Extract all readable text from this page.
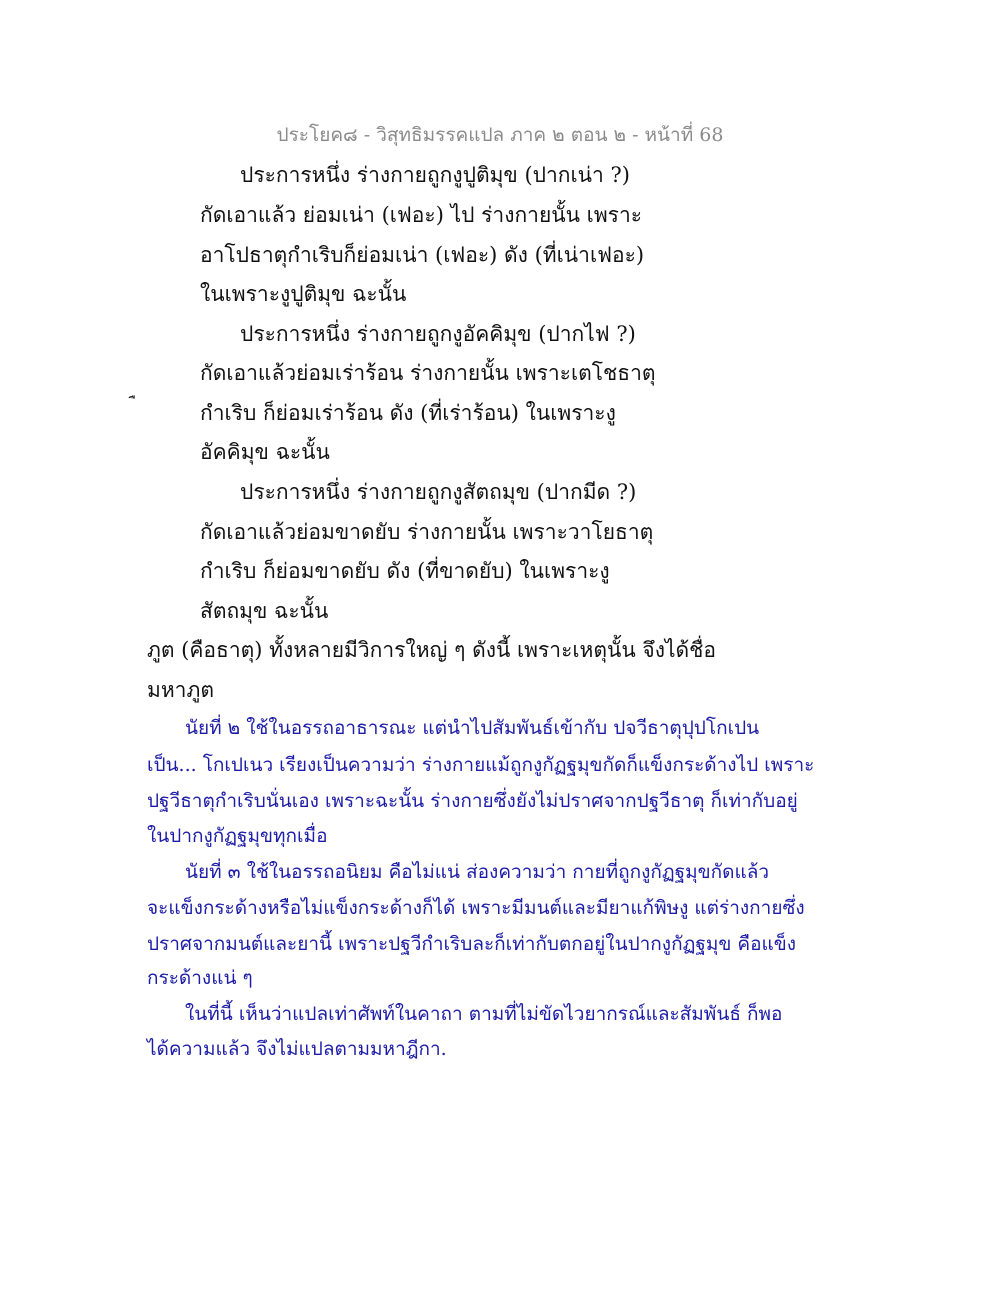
ประโยค๘ - วิสุทธิมรรคแปล ภาค ๒ ตอน ๒ - หน้าที่ 68
ประการหนึ่ง ร่างกายถูกงูปูติมุข (ปากเน่า ?)
กัดเอาแล้ว ย่อมเน่า (เฟอะ) ไป ร่างกายนั้น เพราะ
อาโปธาตุกำเริบก็ย่อมเน่า (เฟอะ) ดัง (ที่เน่าเฟอะ)
ในเพราะงูปูติมุข ฉะนั้น
ประการหนึ่ง ร่างกายถูกงูอัคคิมุข (ปากไฟ ?)
กัดเอาแล้วย่อมเร่าร้อน ร่างกายนั้น เพราะเตโชธาตุ
กำเริบ ก็ย่อมเร่าร้อน ดัง (ที่เร่าร้อน) ในเพราะงู
อัคคิมุข ฉะนั้น
ประการหนึ่ง ร่างกายถูกงูสัตถมุข (ปากมีด ?)
กัดเอาแล้วย่อมขาดยับ ร่างกายนั้น เพราะวาโยธาตุ
กำเริบ ก็ย่อมขาดยับ ดัง (ที่ขาดยับ) ในเพราะงู
สัตถมุข ฉะนั้น
ภูต (คือธาตุ) ทั้งหลายมีวิการใหญ่ ๆ ดังนี้ เพราะเหตุนั้น จึงได้ชื่อ
มหาภูต
นัยที่ ๒ ใช้ในอรรถอาธารณะ แต่นำไปสัมพันธ์เข้ากับ ปจวีธาตุปุปโกเปน
เป็น... โกเปเนว เรียงเป็นความว่า ร่างกายแม้ถูกงูกัฏฐมุขกัดก็แข็งกระด้างไป เพราะ
ปฐวีธาตุกำเริบนั่นเอง เพราะฉะนั้น ร่างกายซึ่งยังไม่ปราศจากปฐวีธาตุ ก็เท่ากับอยู่
ในปากงูกัฏฐมุขทุกเมื่อ
นัยที่ ๓ ใช้ในอรรถอนิยม คือไม่แน่ ส่องความว่า กายที่ถูกงูกัฏฐมุขกัดแล้ว
จะแข็งกระด้างหรือไม่แข็งกระด้างก็ได้ เพราะมีมนต์และมียาแก้พิษงู แต่ร่างกายซึ่ง
ปราศจากมนต์และยานี้ เพราะปฐวีกำเริบละก็เท่ากับตกอยู่ในปากงูกัฏฐมุข คือแข็ง
กระด้างแน่ ๆ
ในที่นี้ เห็นว่าแปลเท่าศัพท์ในคาถา ตามที่ไม่ขัดไวยากรณ์และสัมพันธ์ ก็พอ
ได้ความแล้ว จึงไม่แปลตามมหาฎีกา.
